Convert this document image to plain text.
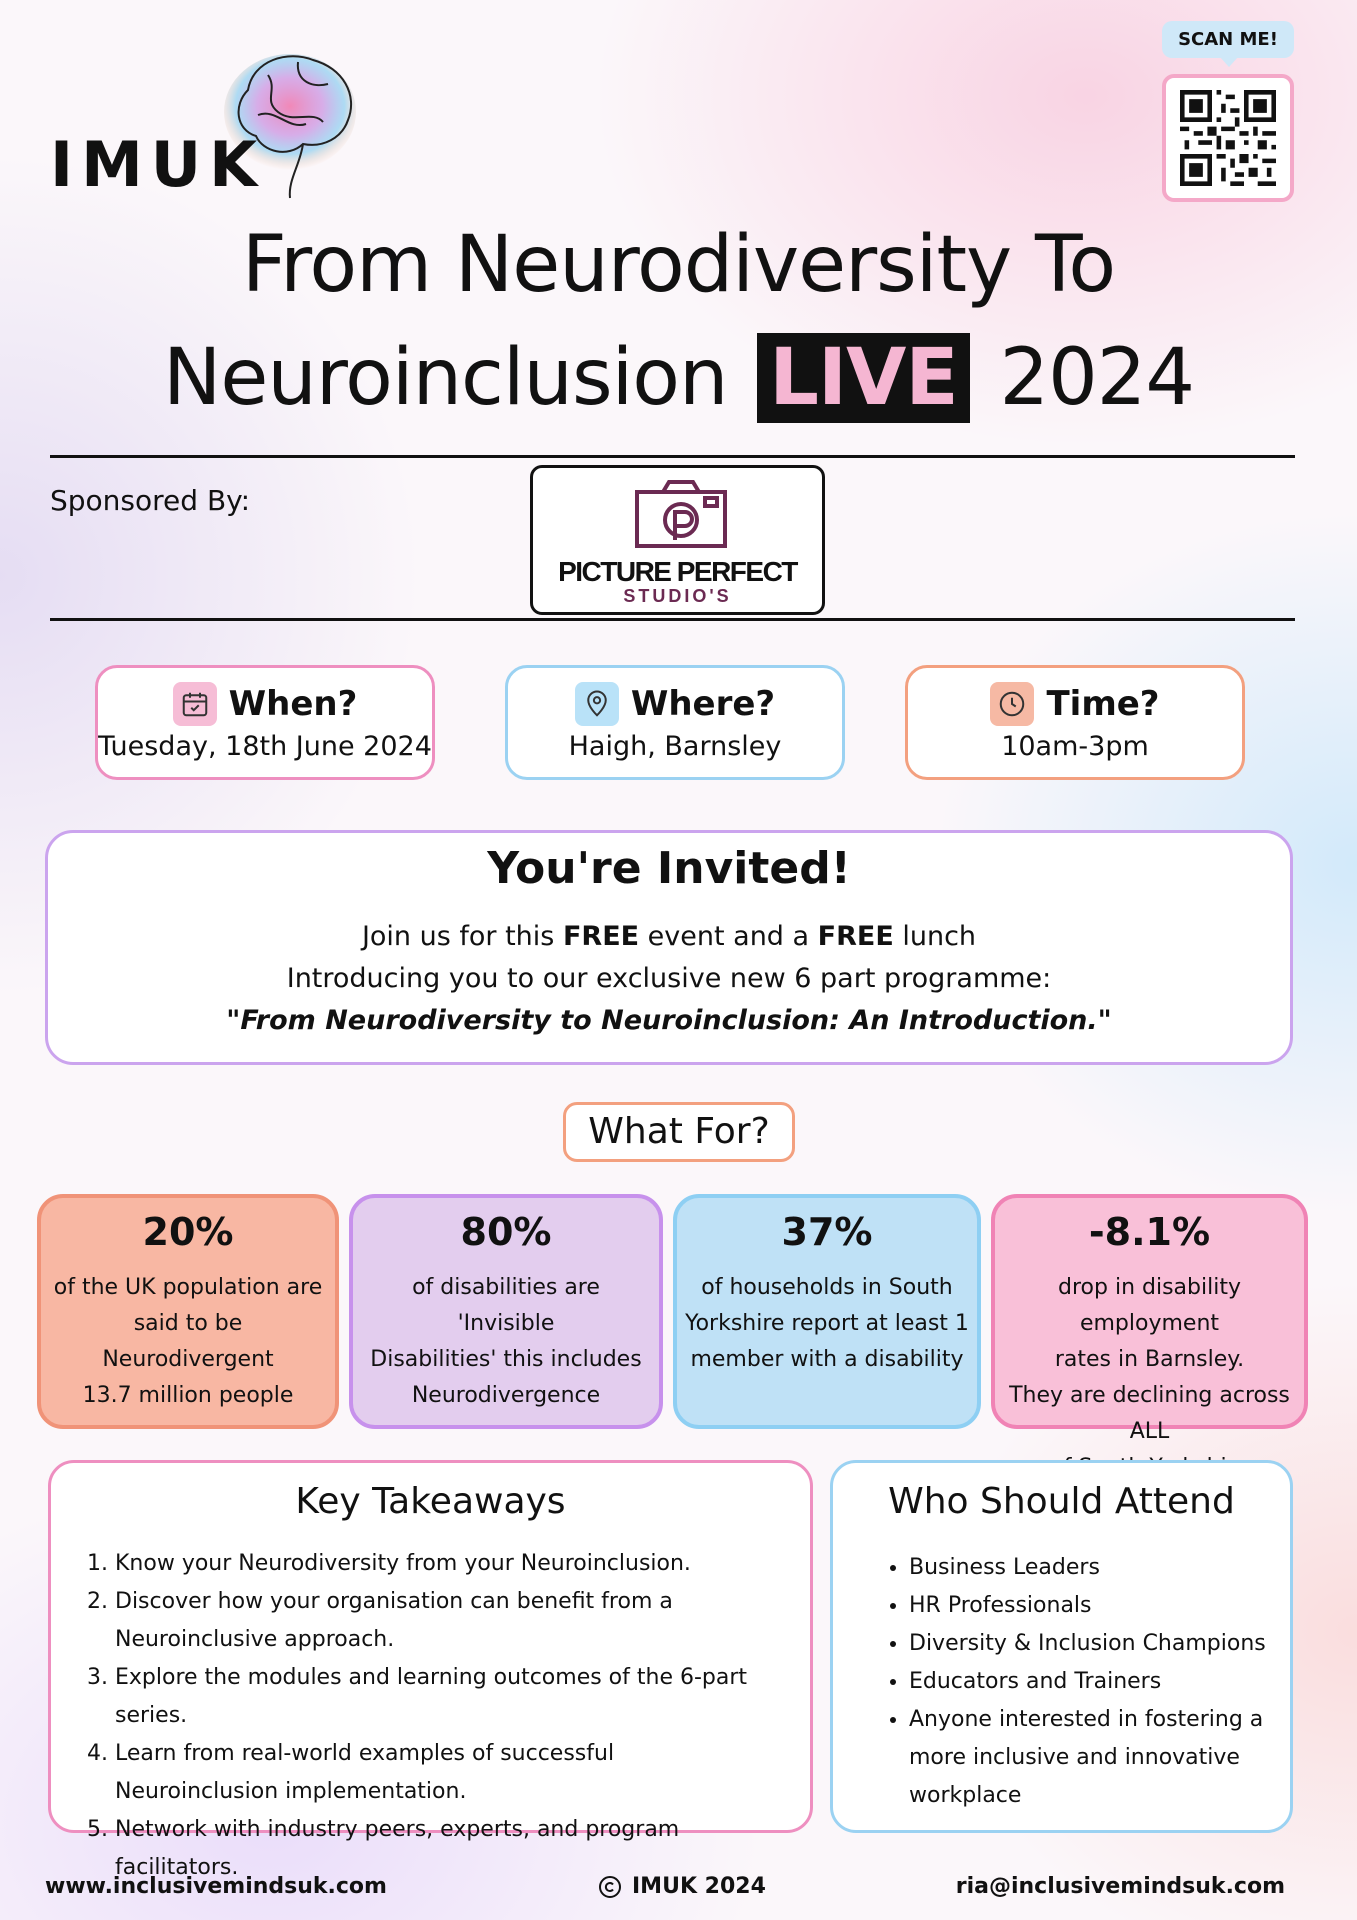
IMUK
SCAN ME!
From Neurodiversity To
Neuroinclusion LIVE 2024
Sponsored By:
PICTURE PERFECT
STUDIO'S
When?
Tuesday, 18th June 2024
Where?
Haigh, Barnsley
Time?
10am-3pm
You're Invited!
Join us for this FREE event and a FREE lunch
Introducing you to our exclusive new 6 part programme:
"From Neurodiversity to Neuroinclusion: An Introduction."
What For?
20%
of the UK population are
said to be Neurodivergent
13.7 million people
80%
of disabilities are 'Invisible
Disabilities' this includes
Neurodivergence
37%
of households in South
Yorkshire report at least 1
member with a disability
-8.1%
drop in disability employment
rates in Barnsley.
They are declining across ALL
Key Takeaways
1. Know your Neurodiversity from your Neuroinclusion.
2. Discover how your organisation can benefit from a Neuroinclusive approach.
3. Explore the modules and learning outcomes of the 6-part series.
4. Learn from real-world examples of successful Neuroinclusion implementation.
5. Network with industry peers, experts, and program facilitators.
Who Should Attend
• Business Leaders
• HR Professionals
• Diversity & Inclusion Champions
• Educators and Trainers
• Anyone interested in fostering a more inclusive and innovative workplace
www.inclusivemindsuk.com	IMUK 2024	ria@inclusivemindsuk.com
